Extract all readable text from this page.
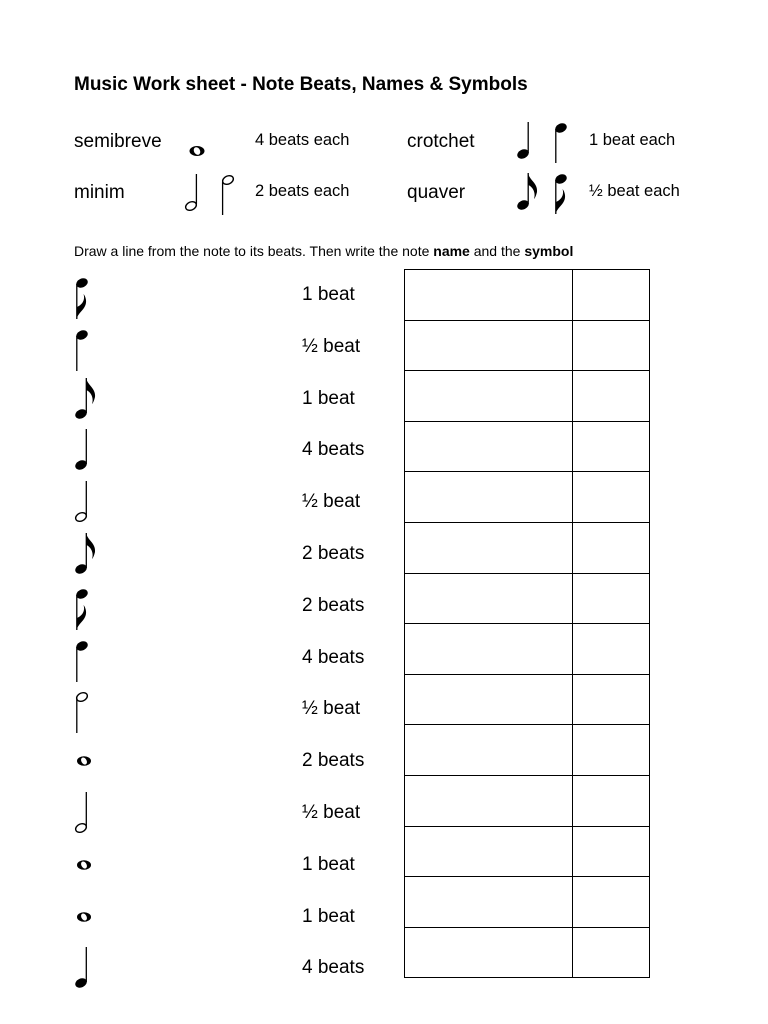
Music Work sheet - Note Beats, Names & Symbols
semibreve	4 beats each	crotchet	1 beat each
minim	2 beats each	quaver	½ beat each
Draw a line from the note to its beats. Then write the note name and the symbol
1 beat
½ beat
1 beat
4 beats
½ beat
2 beats
2 beats
4 beats
½ beat
2 beats
½ beat
1 beat
1 beat
4 beats
